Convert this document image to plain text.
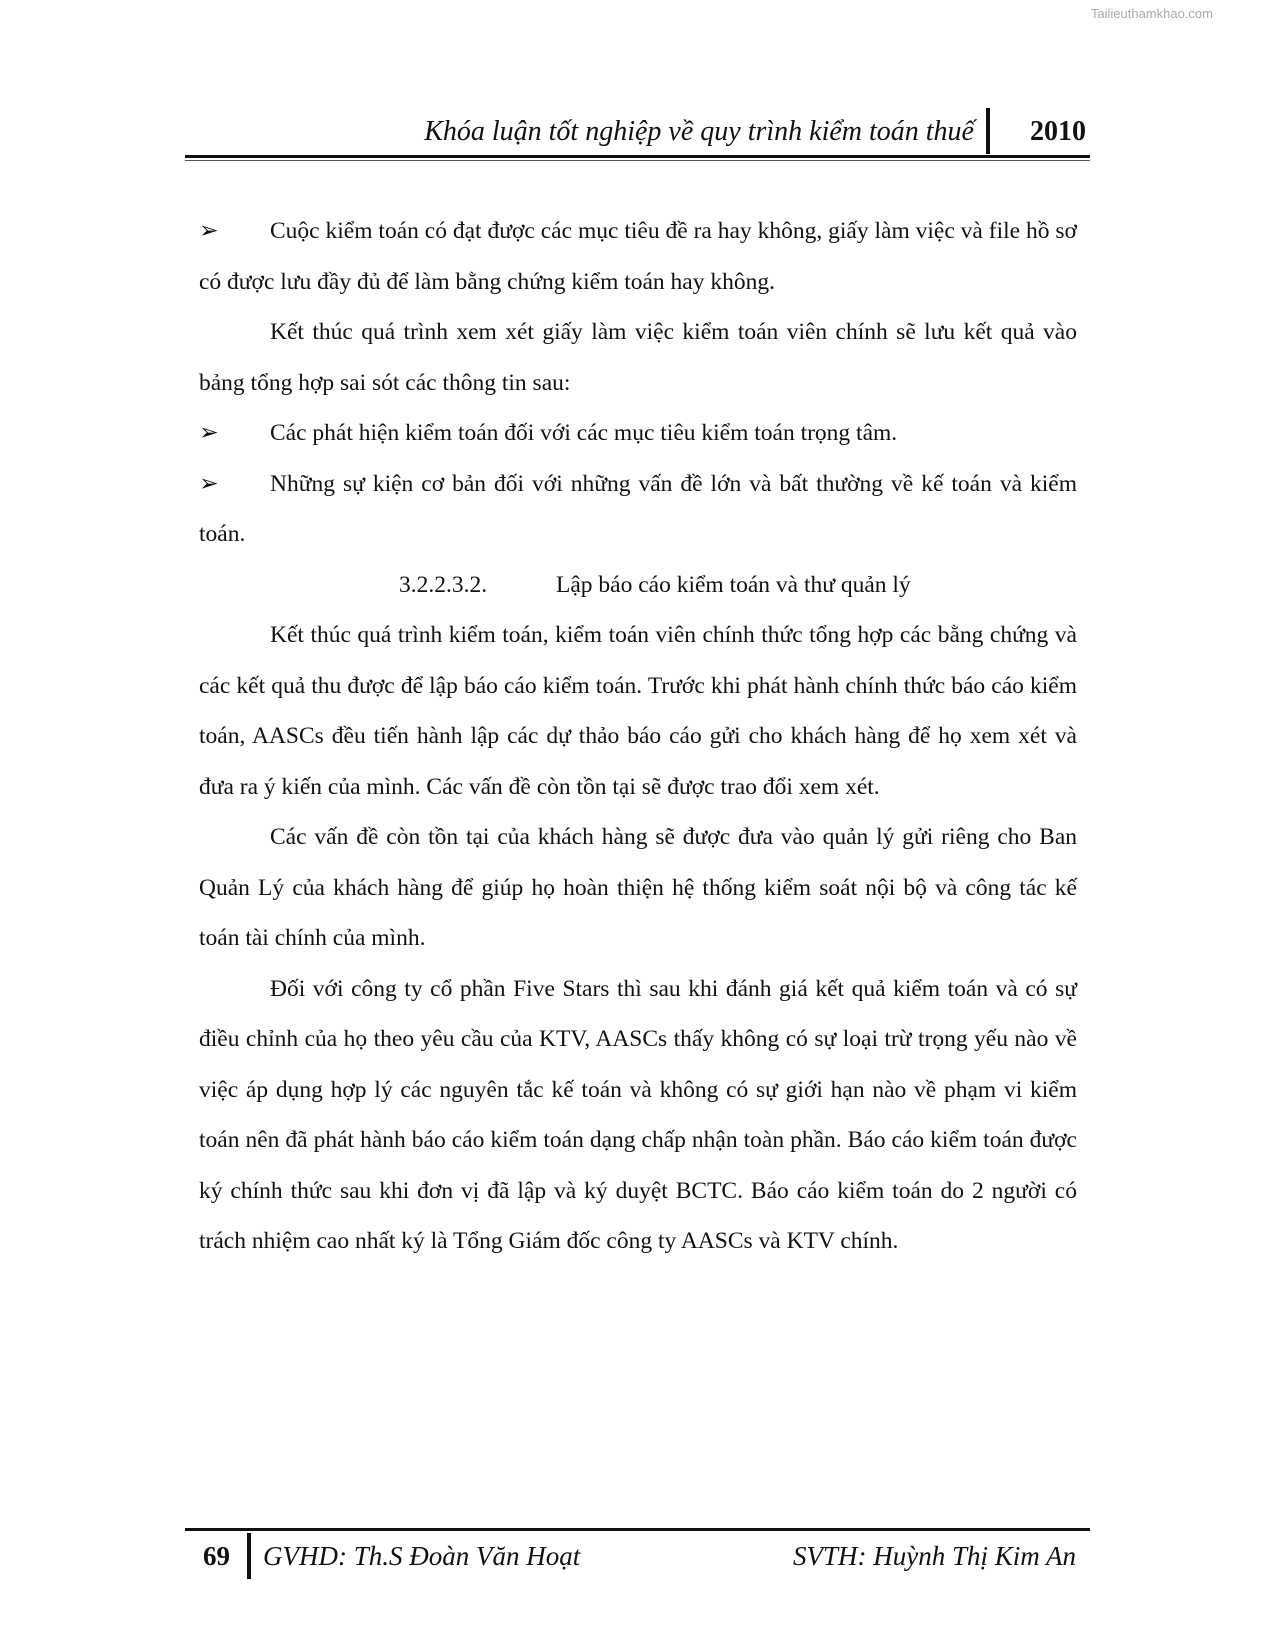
Tailieuthamkhao.com
Khóa luận tốt nghiệp về quy trình kiểm toán thuế 2010

➢ Cuộc kiểm toán có đạt được các mục tiêu đề ra hay không, giấy làm việc và file hồ sơ có được lưu đầy đủ để làm bằng chứng kiểm toán hay không.

Kết thúc quá trình xem xét giấy làm việc kiểm toán viên chính sẽ lưu kết quả vào bảng tổng hợp sai sót các thông tin sau:

➢ Các phát hiện kiểm toán đối với các mục tiêu kiểm toán trọng tâm.

➢ Những sự kiện cơ bản đối với những vấn đề lớn và bất thường về kế toán và kiểm toán.

3.2.2.3.2.	Lập báo cáo kiểm toán và thư quản lý

Kết thúc quá trình kiểm toán, kiểm toán viên chính thức tổng hợp các bằng chứng và các kết quả thu được để lập báo cáo kiểm toán. Trước khi phát hành chính thức báo cáo kiểm toán, AASCs đều tiến hành lập các dự thảo báo cáo gửi cho khách hàng để họ xem xét và đưa ra ý kiến của mình. Các vấn đề còn tồn tại sẽ được trao đổi xem xét.

Các vấn đề còn tồn tại của khách hàng sẽ được đưa vào quản lý gửi riêng cho Ban Quản Lý của khách hàng để giúp họ hoàn thiện hệ thống kiểm soát nội bộ và công tác kế toán tài chính của mình.

Đối với công ty cổ phần Five Stars thì sau khi đánh giá kết quả kiểm toán và có sự điều chỉnh của họ theo yêu cầu của KTV, AASCs thấy không có sự loại trừ trọng yếu nào về việc áp dụng hợp lý các nguyên tắc kế toán và không có sự giới hạn nào về phạm vi kiểm toán nên đã phát hành báo cáo kiểm toán dạng chấp nhận toàn phần. Báo cáo kiểm toán được ký chính thức sau khi đơn vị đã lập và ký duyệt BCTC. Báo cáo kiểm toán do 2 người có trách nhiệm cao nhất ký là Tổng Giám đốc công ty AASCs và KTV chính.

69 GVHD: Th.S Đoàn Văn Hoạt	SVTH: Huỳnh Thị Kim An
